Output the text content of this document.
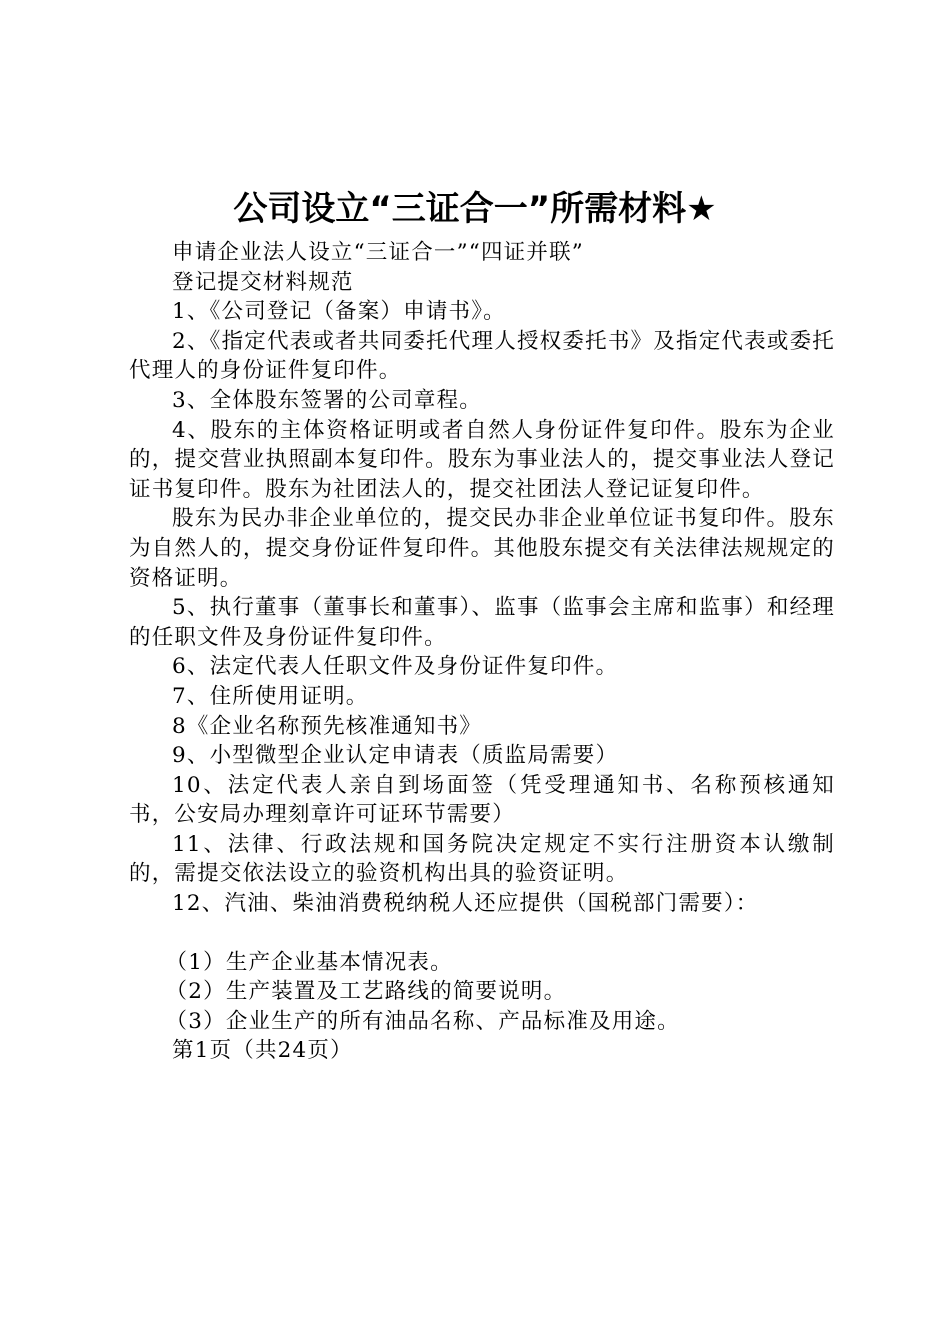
公司设立“三证合一”所需材料★

申请企业法人设立“三证合一”“四证并联”

登记提交材料规范

1、《公司登记（备案）申请书》。

2、《指定代表或者共同委托代理人授权委托书》及指定代表或委托代理人的身份证件复印件。

3、全体股东签署的公司章程。

4、股东的主体资格证明或者自然人身份证件复印件。股东为企业的，提交营业执照副本复印件。股东为事业法人的，提交事业法人登记证书复印件。股东为社团法人的，提交社团法人登记证复印件。

股东为民办非企业单位的，提交民办非企业单位证书复印件。股东为自然人的，提交身份证件复印件。其他股东提交有关法律法规规定的资格证明。

5、执行董事（董事长和董事）、监事（监事会主席和监事）和经理的任职文件及身份证件复印件。

6、法定代表人任职文件及身份证件复印件。

7、住所使用证明。

8《企业名称预先核准通知书》

9、小型微型企业认定申请表（质监局需要）

10、法定代表人亲自到场面签（凭受理通知书、名称预核通知书，公安局办理刻章许可证环节需要）

11、法律、行政法规和国务院决定规定不实行注册资本认缴制的，需提交依法设立的验资机构出具的验资证明。

12、汽油、柴油消费税纳税人还应提供（国税部门需要）：

（1）生产企业基本情况表。

（2）生产装置及工艺路线的简要说明。

（3）企业生产的所有油品名称、产品标准及用途。

第1页（共24页）
